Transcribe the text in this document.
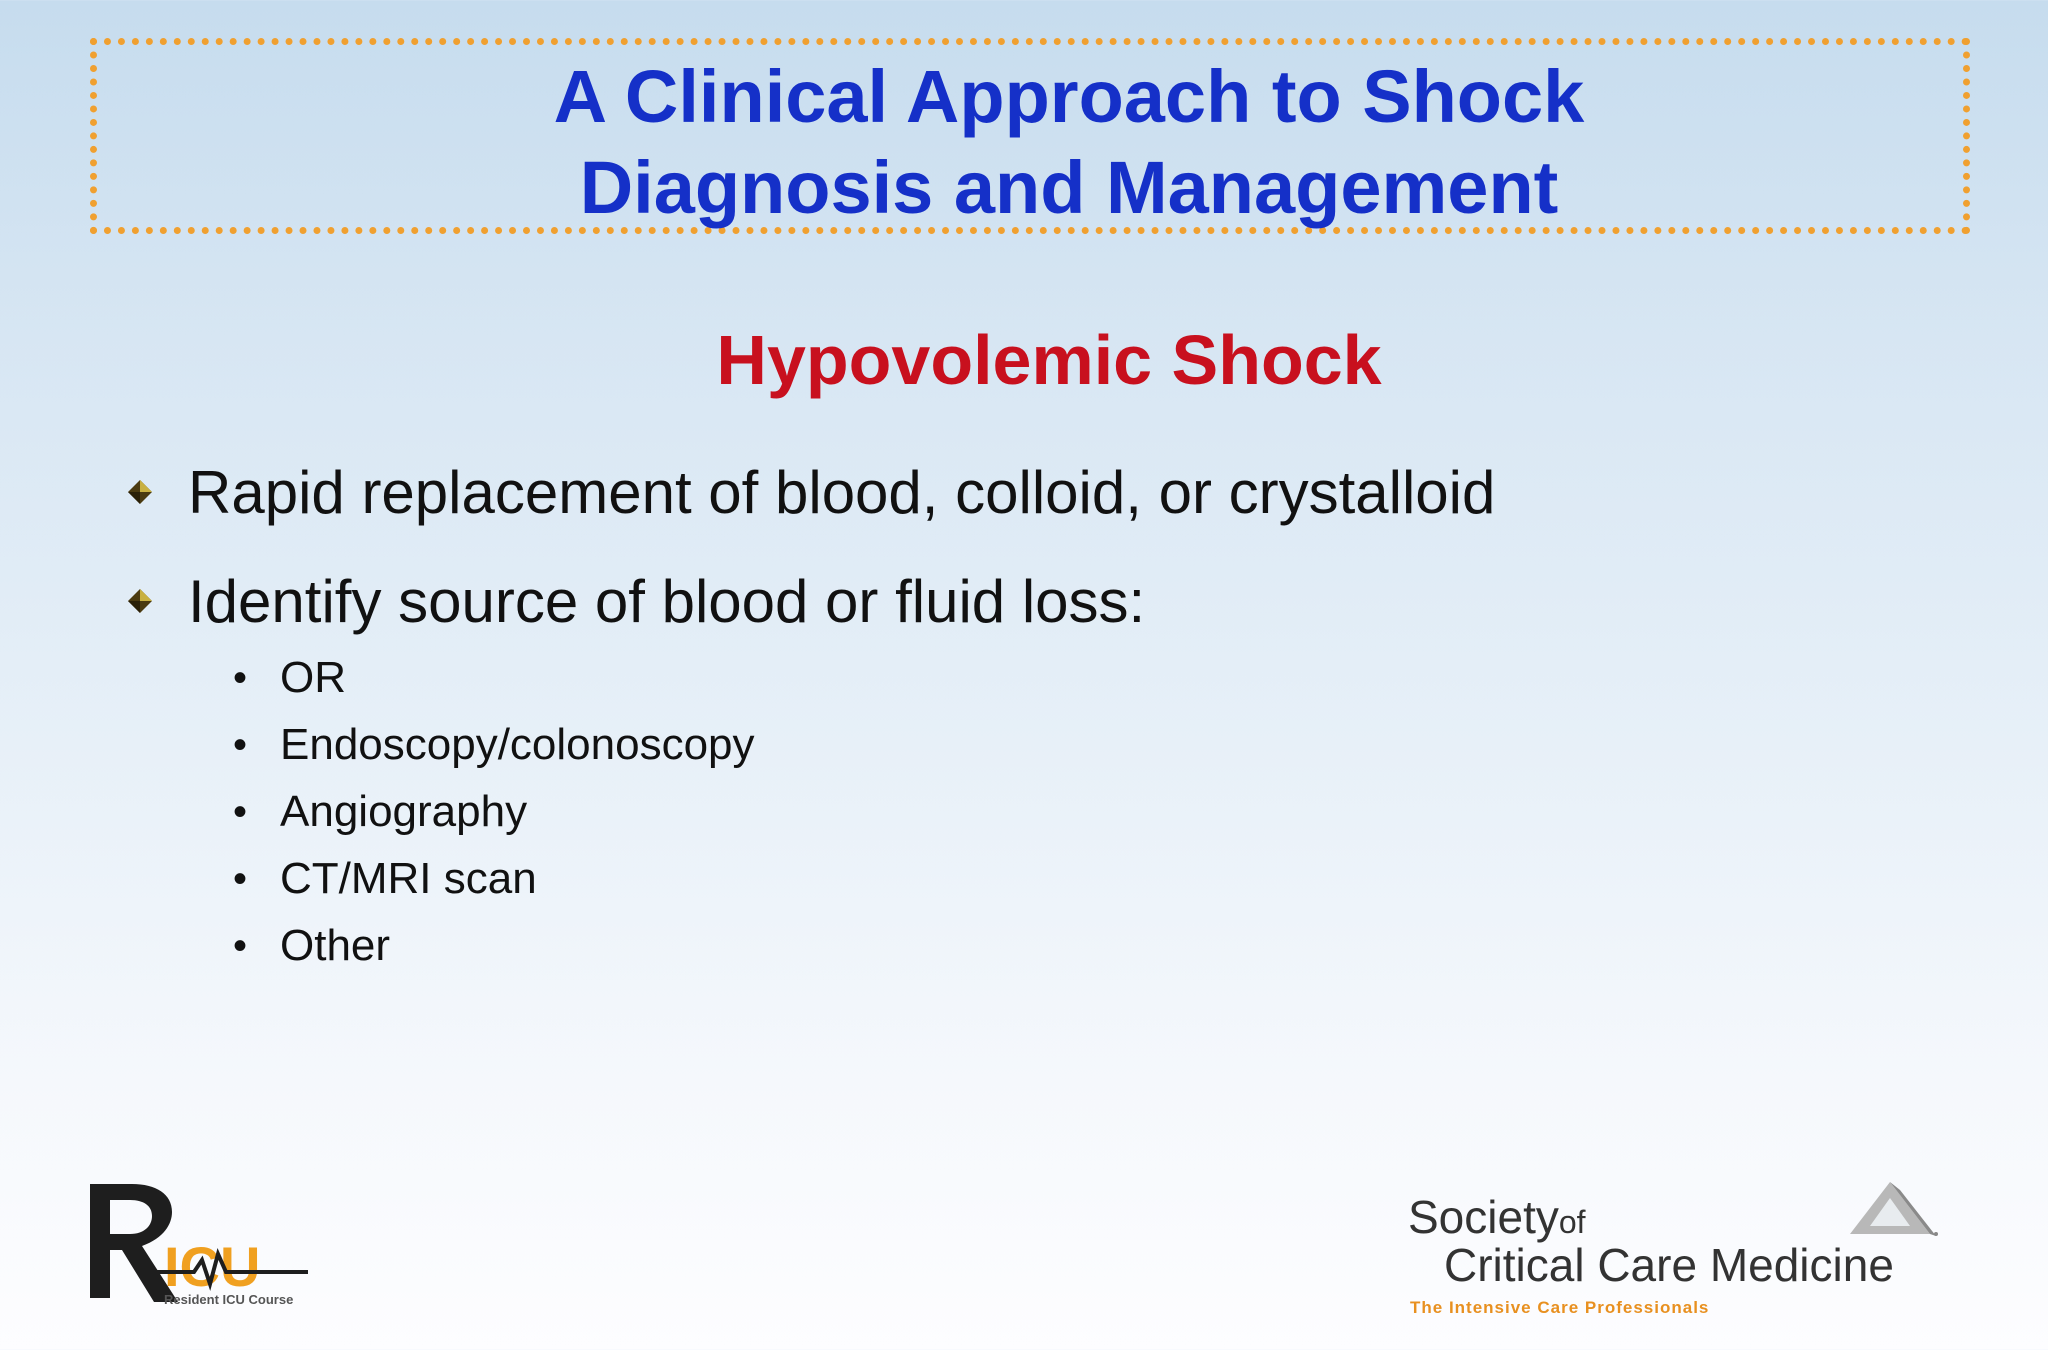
A Clinical Approach to Shock
Diagnosis and Management
Hypovolemic Shock
Rapid replacement of blood, colloid, or crystalloid
Identify source of blood or fluid loss:
• OR
• Endoscopy/colonoscopy
• Angiography
• CT/MRI scan
• Other
ICU
Resident ICU Course
Societyof
Critical Care Medicine
The Intensive Care Professionals
